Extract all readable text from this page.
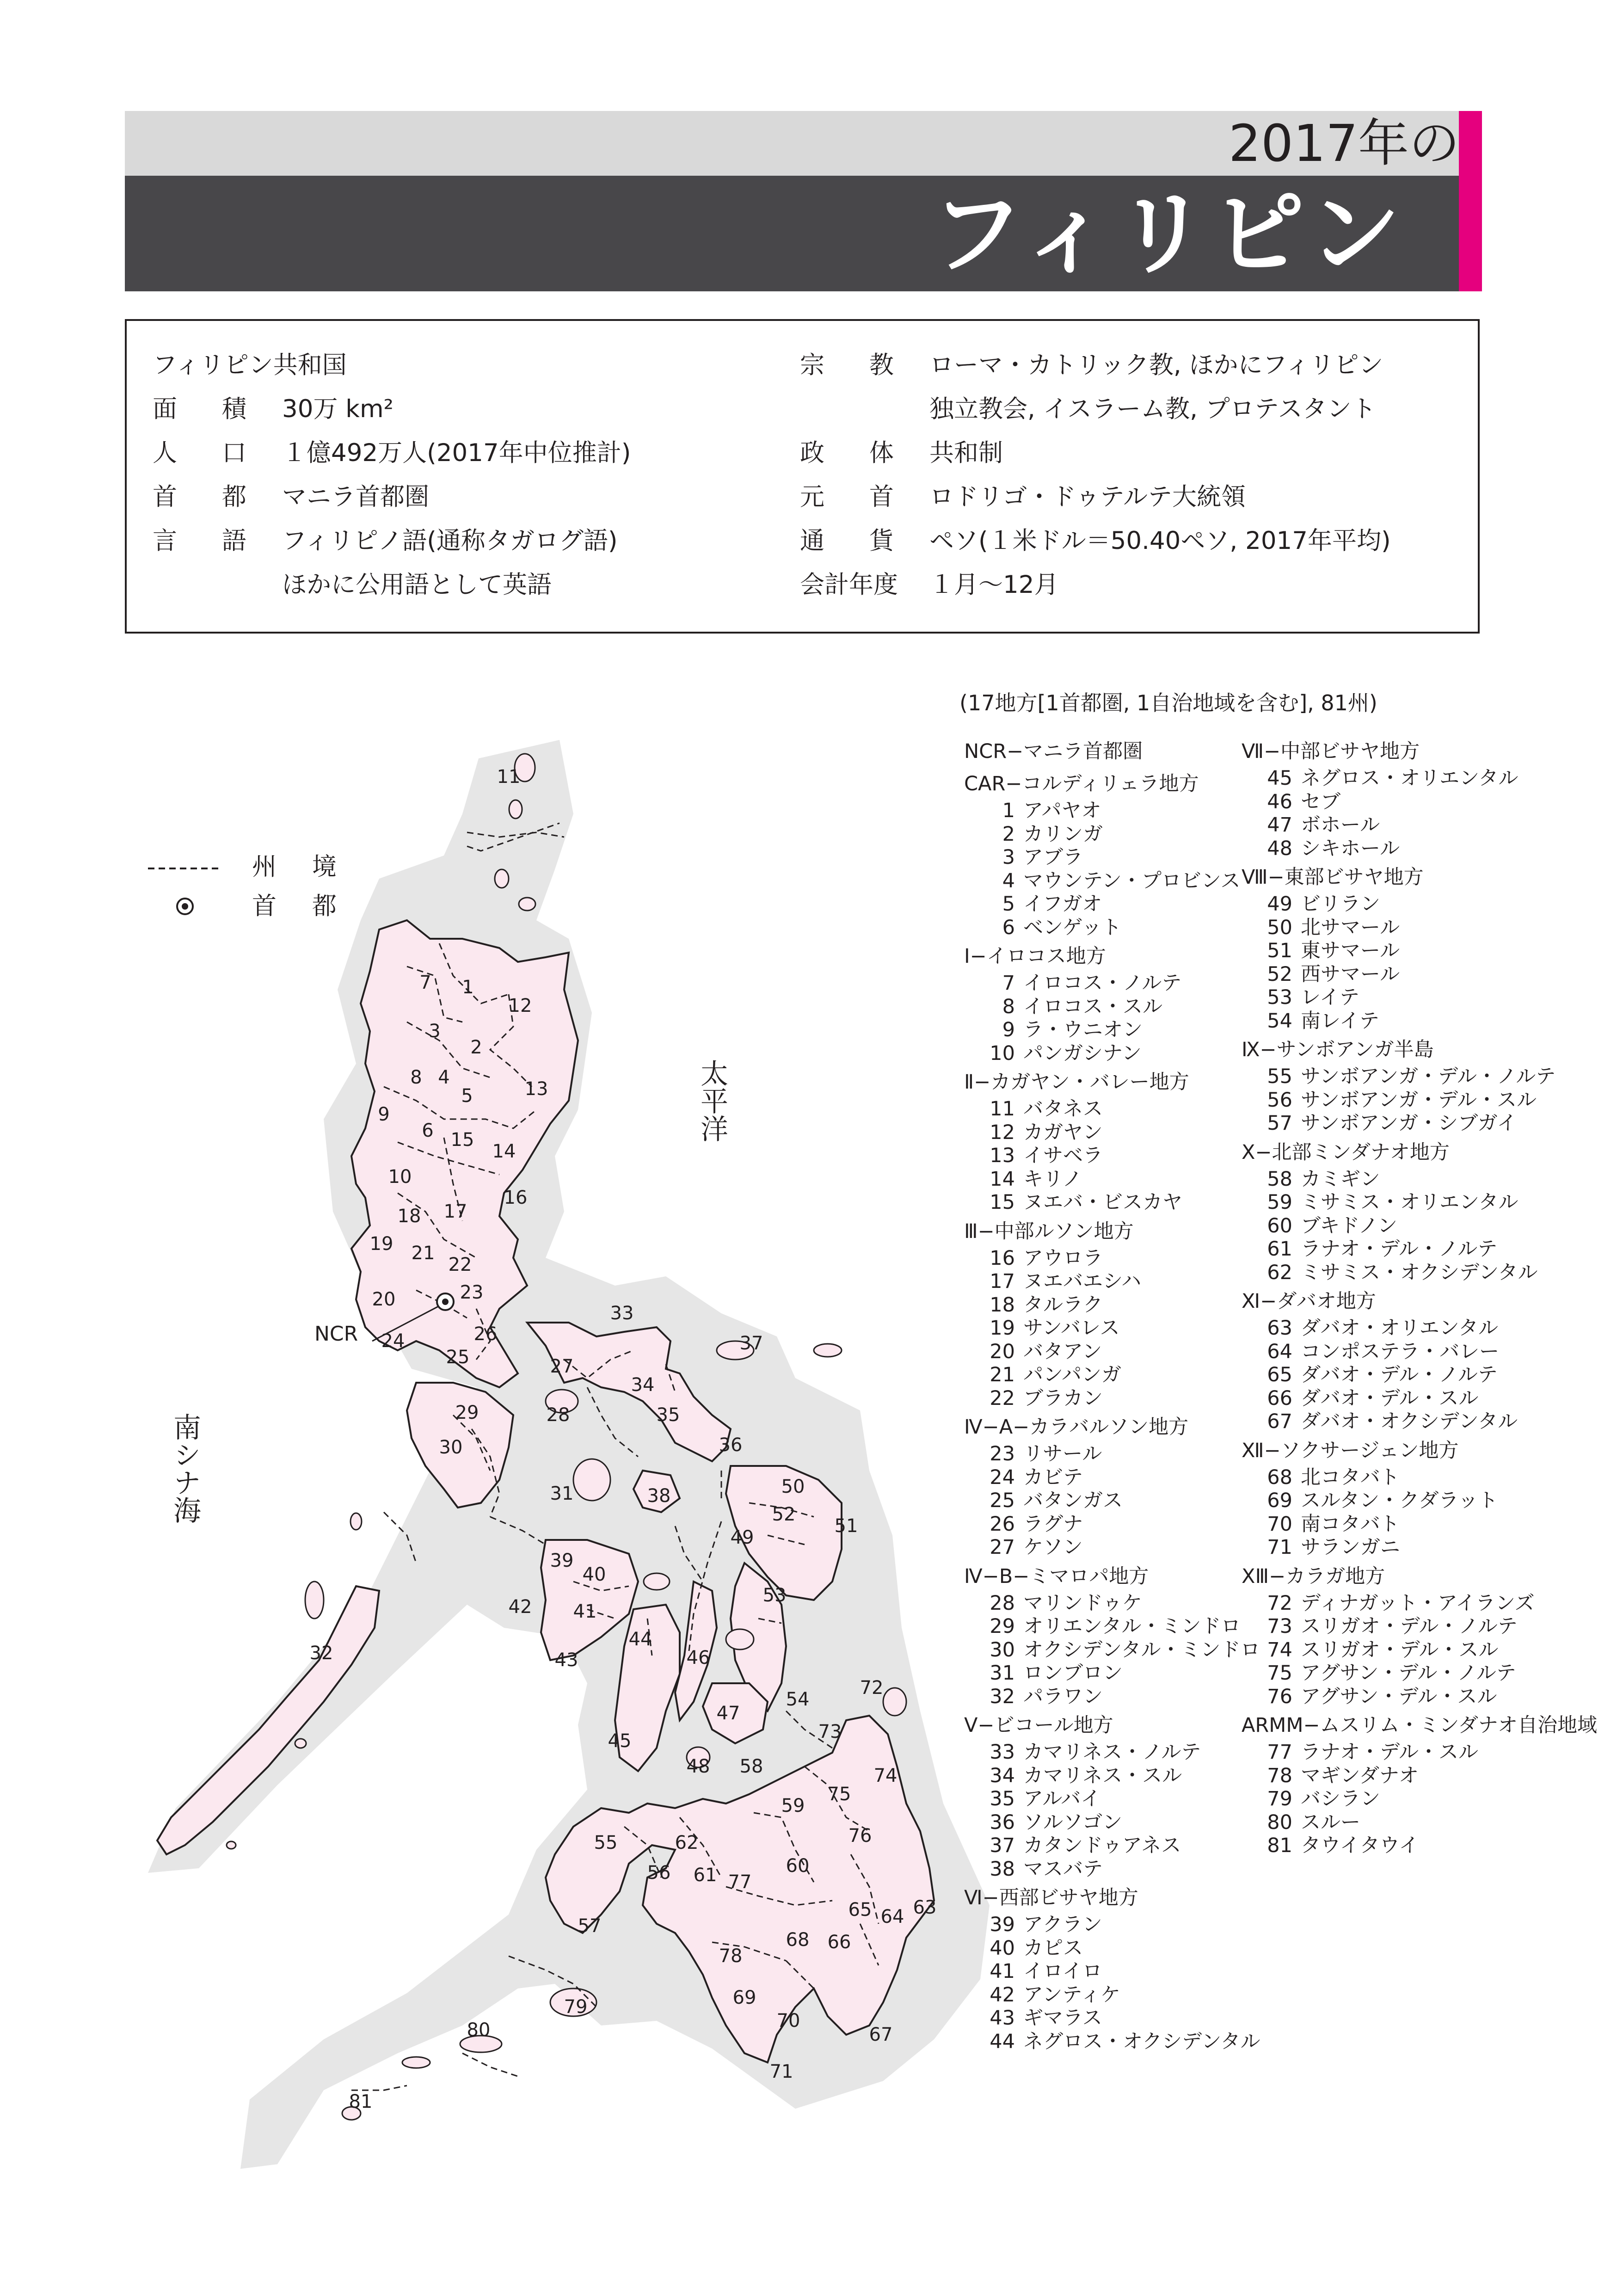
2017年の
フィリピン
フィリピン共和国
面 積 30万 km²
人 口 １億492万人(2017年中位推計)
首 都 マニラ首都圏
言 語 フィリピノ語(通称タガログ語)
ほかに公用語として英語
宗 教 ローマ・カトリック教, ほかにフィリピン
独立教会, イスラーム教, プロテスタント
政 体 共和制
元 首 ロドリゴ・ドゥテルテ大統領
通 貨 ペソ(１米ドル＝50.40ペソ, 2017年平均)
会計年度 １月～12月
州 境
首 都
太平洋
南シナ海
NCR
1
2
3
4
5
6
7
8
9
10
11
12
13
14
15
16
17
18
19
20
21
22
23
24
25
26
27
28
29
30
31
32
33
34
35
36
37
38
39
40
41
42
43
44
45
46
47
48
49
50
51
52
53
54
55
56
57
58
59
60
61
62
63
64
65
66
67
68
69
70
71
72
73
74
75
76
77
78
79
80
81
(17地方[1首都圏, 1自治地域を含む], 81州)
NCR−マニラ首都圏
CAR−コルディリェラ地方
1 アパヤオ
2 カリンガ
3 アブラ
4 マウンテン・プロビンス
5 イフガオ
6 ベンゲット
Ⅰ−イロコス地方
7 イロコス・ノルテ
8 イロコス・スル
9 ラ・ウニオン
10 パンガシナン
Ⅱ−カガヤン・バレー地方
11 バタネス
12 カガヤン
13 イサベラ
14 キリノ
15 ヌエバ・ビスカヤ
Ⅲ−中部ルソン地方
16 アウロラ
17 ヌエバエシハ
18 タルラク
19 サンバレス
20 バタアン
21 パンパンガ
22 ブラカン
Ⅳ−A−カラバルソン地方
23 リサール
24 カビテ
25 バタンガス
26 ラグナ
27 ケソン
Ⅳ−B−ミマロパ地方
28 マリンドゥケ
29 オリエンタル・ミンドロ
30 オクシデンタル・ミンドロ
31 ロンブロン
32 パラワン
Ⅴ−ビコール地方
33 カマリネス・ノルテ
34 カマリネス・スル
35 アルバイ
36 ソルソゴン
37 カタンドゥアネス
38 マスバテ
Ⅵ−西部ビサヤ地方
39 アクラン
40 カピス
41 イロイロ
42 アンティケ
43 ギマラス
44 ネグロス・オクシデンタル
Ⅶ−中部ビサヤ地方
45 ネグロス・オリエンタル
46 セブ
47 ボホール
48 シキホール
Ⅷ−東部ビサヤ地方
49 ビリラン
50 北サマール
51 東サマール
52 西サマール
53 レイテ
54 南レイテ
Ⅸ−サンボアンガ半島
55 サンボアンガ・デル・ノルテ
56 サンボアンガ・デル・スル
57 サンボアンガ・シブガイ
Ⅹ−北部ミンダナオ地方
58 カミギン
59 ミサミス・オリエンタル
60 ブキドノン
61 ラナオ・デル・ノルテ
62 ミサミス・オクシデンタル
Ⅺ−ダバオ地方
63 ダバオ・オリエンタル
64 コンポステラ・バレー
65 ダバオ・デル・ノルテ
66 ダバオ・デル・スル
67 ダバオ・オクシデンタル
Ⅻ−ソクサージェン地方
68 北コタバト
69 スルタン・クダラット
70 南コタバト
71 サランガニ
ⅩⅢ−カラガ地方
72 ディナガット・アイランズ
73 スリガオ・デル・ノルテ
74 スリガオ・デル・スル
75 アグサン・デル・ノルテ
76 アグサン・デル・スル
ARMM−ムスリム・ミンダナオ自治地域
77 ラナオ・デル・スル
78 マギンダナオ
79 バシラン
80 スルー
81 タウイタウイ
